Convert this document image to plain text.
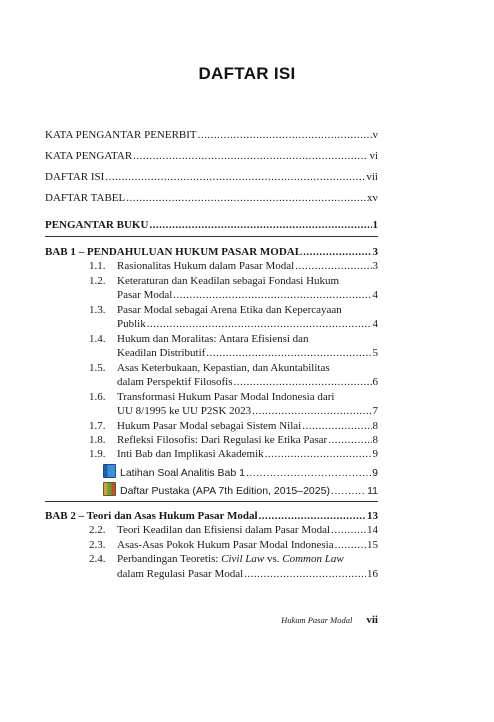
DAFTAR ISI
KATA PENGANTAR PENERBIT .....	v
KATA PENGATAR .....	vi
DAFTAR ISI .....	vii
DAFTAR TABEL .....	xv
PENGANTAR BUKU .....	1
BAB 1 – PENDAHULUAN HUKUM PASAR MODAL .....	3
1.1.	Rasionalitas Hukum dalam Pasar Modal .....	3
1.2.	Keteraturan dan Keadilan sebagai Fondasi Hukum
Pasar Modal .....	4
1.3.	Pasar Modal sebagai Arena Etika dan Kepercayaan
Publik .....	4
1.4.	Hukum dan Moralitas: Antara Efisiensi dan
Keadilan Distributif .....	5
1.5.	Asas Keterbukaan, Kepastian, dan Akuntabilitas
dalam Perspektif Filosofis .....	6
1.6.	Transformasi Hukum Pasar Modal Indonesia dari
UU 8/1995 ke UU P2SK 2023 .....	7
1.7.	Hukum Pasar Modal sebagai Sistem Nilai .....	8
1.8.	Refleksi Filosofis: Dari Regulasi ke Etika Pasar .....	8
1.9.	Inti Bab dan Implikasi Akademik .....	9
Latihan Soal Analitis Bab 1 .....	9
Daftar Pustaka (APA 7th Edition, 2015–2025) .....	11
BAB 2 – Teori dan Asas Hukum Pasar Modal .....	13
2.2.	Teori Keadilan dan Efisiensi dalam Pasar Modal .....	14
2.3.	Asas-Asas Pokok Hukum Pasar Modal Indonesia .....	15
2.4.	Perbandingan Teoretis: Civil Law vs. Common Law
dalam Regulasi Pasar Modal .....	16
Hukum Pasar Modal vii
